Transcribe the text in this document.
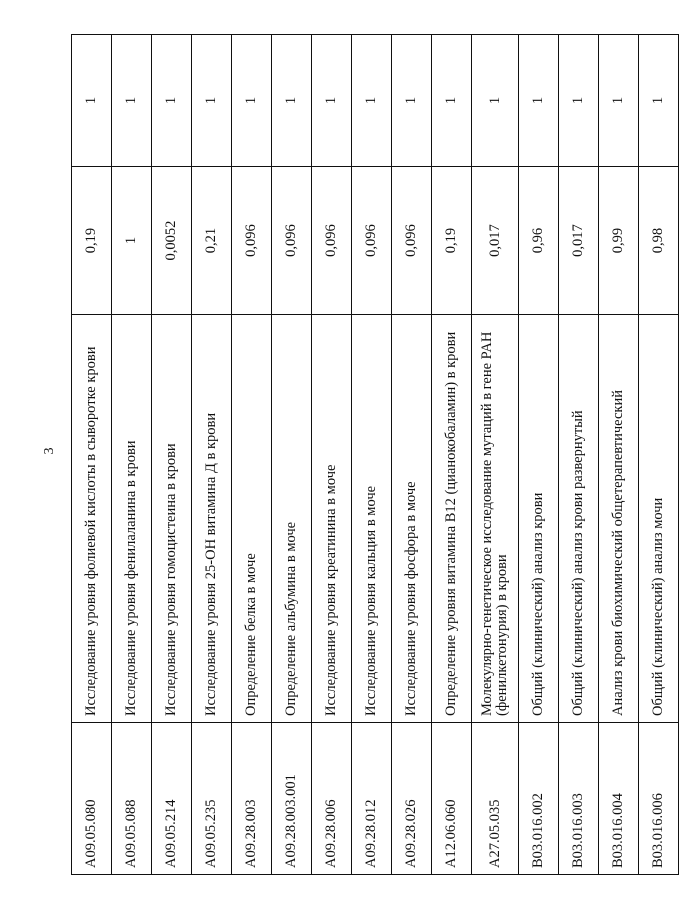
3
A09.05.080	Исследование уровня фолиевой кислоты в сыворотке крови	0,19	1
A09.05.088	Исследование уровня фенилаланина в крови	1	1
A09.05.214	Исследование уровня гомоцистеина в крови	0,0052	1
A09.05.235	Исследование уровня 25-ОН витамина Д в крови	0,21	1
A09.28.003	Определение белка в моче	0,096	1
A09.28.003.001	Определение альбумина в моче	0,096	1
A09.28.006	Исследование уровня креатинина в моче	0,096	1
A09.28.012	Исследование уровня кальция в моче	0,096	1
A09.28.026	Исследование уровня фосфора в моче	0,096	1
A12.06.060	Определение уровня витамина B12 (цианокобаламин) в крови	0,19	1
A27.05.035	Молекулярно-генетическое исследование мутаций в гене PAH (фенилкетонурия) в крови	0,017	1
B03.016.002	Общий (клинический) анализ крови	0,96	1
B03.016.003	Общий (клинический) анализ крови развернутый	0,017	1
B03.016.004	Анализ крови биохимический общетерапевтический	0,99	1
B03.016.006	Общий (клинический) анализ мочи	0,98	1
